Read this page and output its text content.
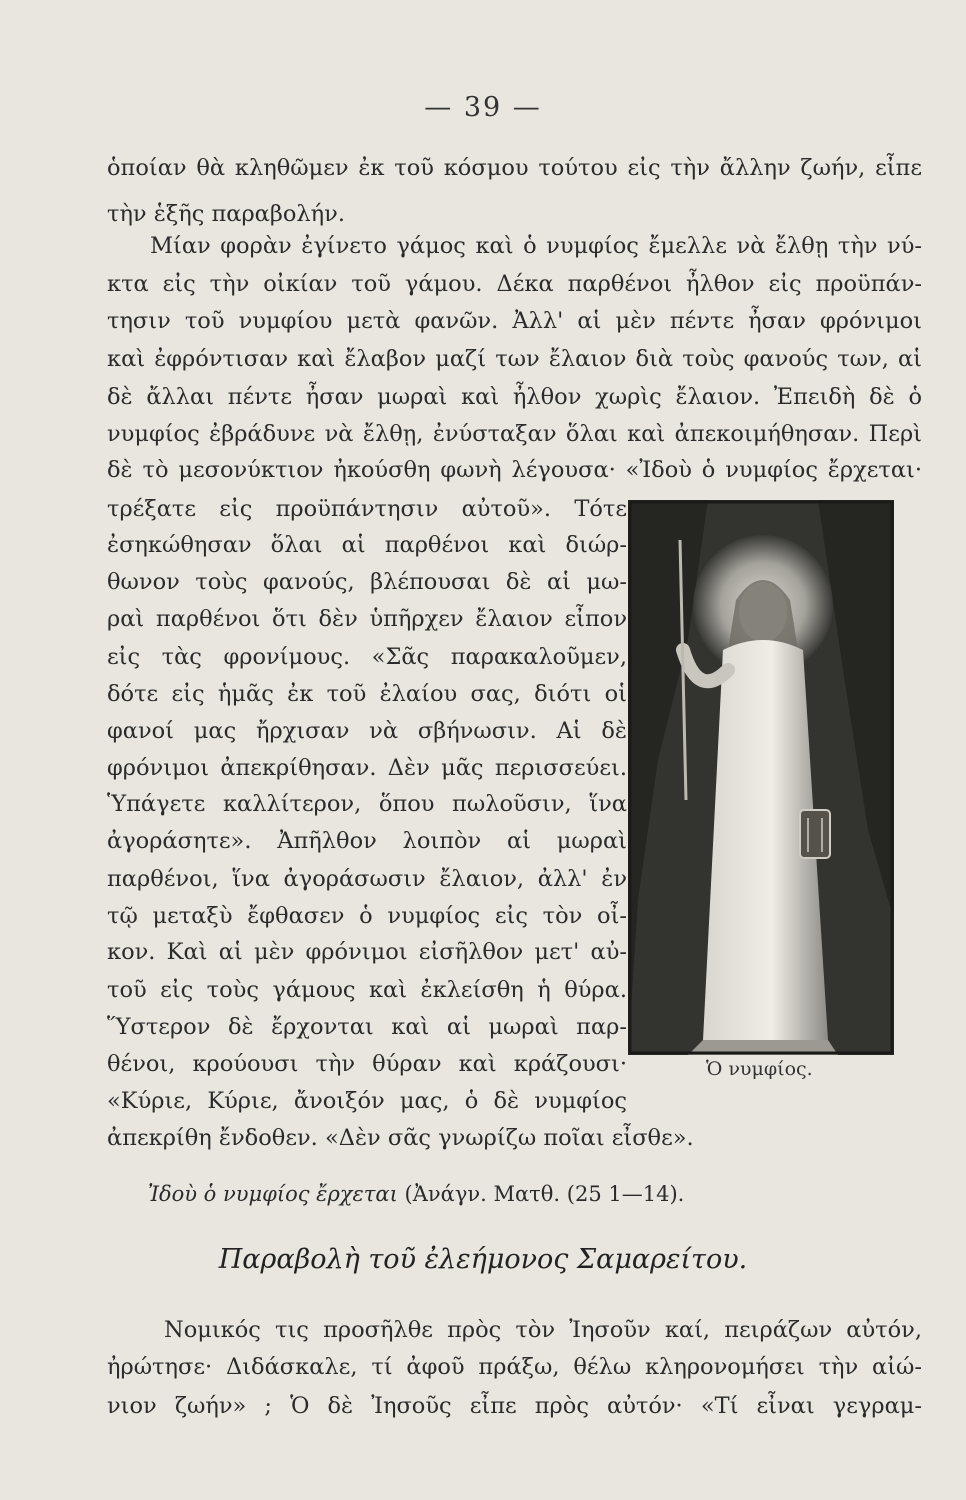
— 39 —
ὁποίαν θὰ κληθῶμεν ἐκ τοῦ κόσμου τούτου εἰς τὴν ἄλλην ζωήν, εἶπε
τὴν ἑξῆς παραβολήν.
Μίαν φορὰν ἐγίνετο γάμος καὶ ὁ νυμφίος ἔμελλε νὰ ἔλθῃ τὴν νύ-
κτα εἰς τὴν οἰκίαν τοῦ γάμου. Δέκα παρθένοι ἦλθον εἰς προϋπάν-
τησιν τοῦ νυμφίου μετὰ φανῶν. Ἀλλ' αἱ μὲν πέντε ἦσαν φρόνιμοι
καὶ ἐφρόντισαν καὶ ἔλαβον μαζί των ἔλαιον διὰ τοὺς φανούς των, αἱ
δὲ ἄλλαι πέντε ἦσαν μωραὶ καὶ ἦλθον χωρὶς ἔλαιον. Ἐπειδὴ δὲ ὁ
νυμφίος ἐβράδυνε νὰ ἔλθῃ, ἐνύσταξαν ὅλαι καὶ ἀπεκοιμήθησαν. Περὶ
δὲ τὸ μεσονύκτιον ἠκούσθη φωνὴ λέγουσα· «Ἰδοὺ ὁ νυμφίος ἔρχεται·
τρέξατε εἰς προϋπάντησιν αὐτοῦ». Τότε
ἐσηκώθησαν ὅλαι αἱ παρθένοι καὶ διώρ-
θωνον τοὺς φανούς, βλέπουσαι δὲ αἱ μω-
ραὶ παρθένοι ὅτι δὲν ὑπῆρχεν ἔλαιον εἶπον
εἰς τὰς φρονίμους. «Σᾶς παρακαλοῦμεν,
δότε εἰς ἡμᾶς ἐκ τοῦ ἐλαίου σας, διότι οἱ
φανοί μας ἤρχισαν νὰ σβήνωσιν. Αἱ δὲ
φρόνιμοι ἀπεκρίθησαν. Δὲν μᾶς περισσεύει.
Ὑπάγετε καλλίτερον, ὅπου πωλοῦσιν, ἵνα
ἀγοράσητε». Ἀπῆλθον λοιπὸν αἱ μωραὶ
παρθένοι, ἵνα ἀγοράσωσιν ἔλαιον, ἀλλ' ἐν
τῷ μεταξὺ ἔφθασεν ὁ νυμφίος εἰς τὸν οἶ-
κον. Καὶ αἱ μὲν φρόνιμοι εἰσῆλθον μετ' αὐ-
τοῦ εἰς τοὺς γάμους καὶ ἐκλείσθη ἡ θύρα.
Ὕστερον δὲ ἔρχονται καὶ αἱ μωραὶ παρ-
θένοι, κρούουσι τὴν θύραν καὶ κράζουσι·
«Κύριε, Κύριε, ἄνοιξόν μας, ὁ δὲ νυμφίος
ἀπεκρίθη ἔνδοθεν. «Δὲν σᾶς γνωρίζω ποῖαι εἶσθε».
Ἰδοὺ ὁ νυμφίος ἔρχεται (Ἀνάγν. Ματθ. (25 1—14).
Παραβολὴ τοῦ ἐλεήμονος Σαμαρείτου.
Νομικός τις προσῆλθε πρὸς τὸν Ἰησοῦν καί, πειράζων αὐτόν,
ἠρώτησε· Διδάσκαλε, τί ἀφοῦ πράξω, θέλω κληρονομήσει τὴν αἰώ-
νιον ζωήν» ; Ὁ δὲ Ἰησοῦς εἶπε πρὸς αὐτόν· «Τί εἶναι γεγραμ-
Ὁ νυμφίος.
